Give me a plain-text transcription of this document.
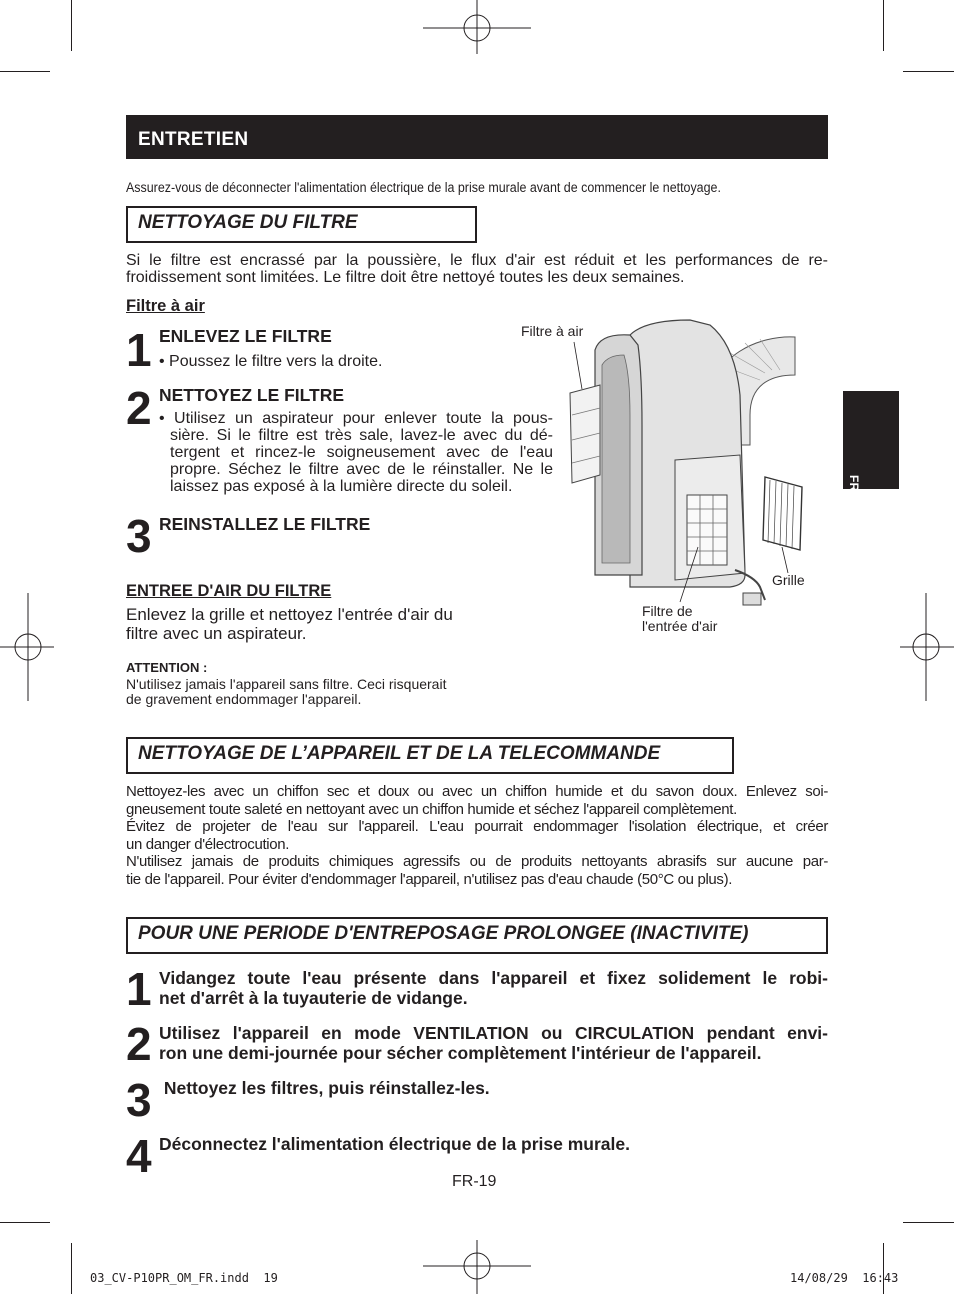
ENTRETIEN
Assurez-vous de déconnecter l'alimentation électrique de la prise murale avant de commencer le nettoyage.
NETTOYAGE DU FILTRE
Si le filtre est encrassé par la poussière, le flux d'air est réduit et les performances de re-
froidissement sont limitées. Le filtre doit être nettoyé toutes les deux semaines.
Filtre à air
1 ENLEVEZ LE FILTRE
• Poussez le filtre vers la droite.
2 NETTOYEZ LE FILTRE
• Utilisez un aspirateur pour enlever toute la pous-
sière. Si le filtre est très sale, lavez-le avec du dé-
tergent et rincez-le soigneusement avec de l'eau
propre. Séchez le filtre avec de le réinstaller. Ne le
laissez pas exposé à la lumière directe du soleil.
3 REINSTALLEZ LE FILTRE
ENTREE D'AIR DU FILTRE
Enlevez la grille et nettoyez l'entrée d'air du
filtre avec un aspirateur.
ATTENTION :
N'utilisez jamais l'appareil sans filtre. Ceci risquerait
de gravement endommager l'appareil.
Filtre à air
Grille
Filtre de
l'entrée d'air
FRANÇAIS
NETTOYAGE DE L’APPAREIL ET DE LA TELECOMMANDE
Nettoyez-les avec un chiffon sec et doux ou avec un chiffon humide et du savon doux. Enlevez soi-
gneusement toute saleté en nettoyant avec un chiffon humide et séchez l'appareil complètement.
Évitez de projeter de l'eau sur l'appareil. L'eau pourrait endommager l'isolation électrique, et créer
un danger d'électrocution.
N'utilisez jamais de produits chimiques agressifs ou de produits nettoyants abrasifs sur aucune par-
tie de l'appareil. Pour éviter d'endommager l'appareil, n'utilisez pas d'eau chaude (50°C ou plus).
POUR UNE PERIODE D'ENTREPOSAGE PROLONGEE (INACTIVITE)
1 Vidangez toute l'eau présente dans l'appareil et fixez solidement le robi-
net d'arrêt à la tuyauterie de vidange.
2 Utilisez l'appareil en mode VENTILATION ou CIRCULATION pendant envi-
ron une demi-journée pour sécher complètement l'intérieur de l'appareil.
3 Nettoyez les filtres, puis réinstallez-les.
4 Déconnectez l'alimentation électrique de la prise murale.
FR-19
03_CV-P10PR_OM_FR.indd  19	14/08/29  16:43
